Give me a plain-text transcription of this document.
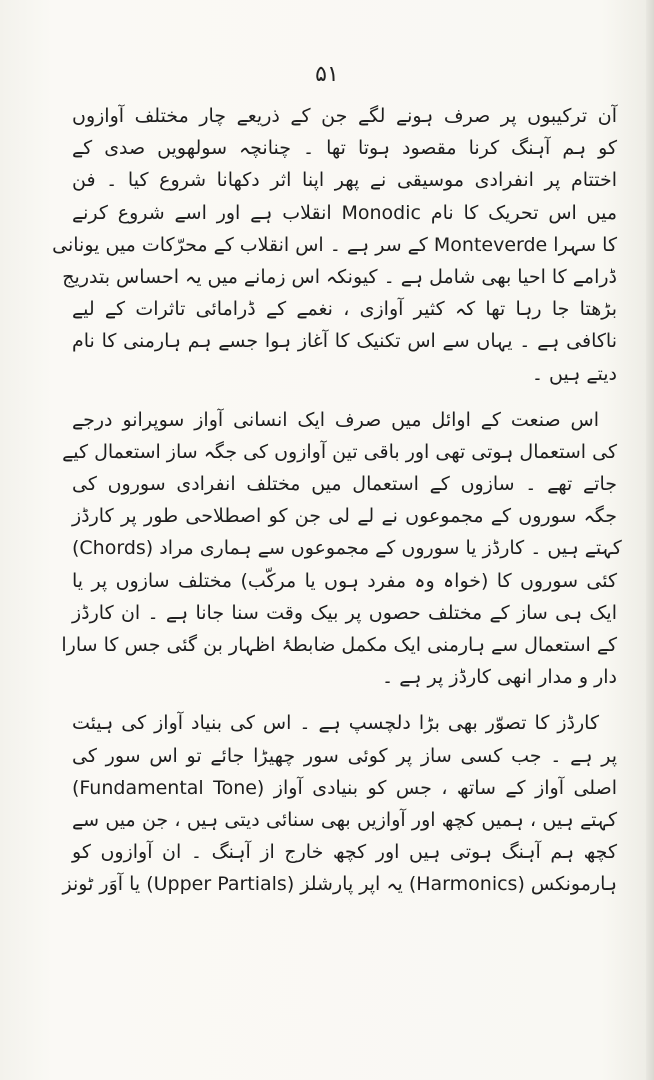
۵۱
آن ترکیبوں پر صرف ہونے لگے جن کے ذریعے چار مختلف آوازوں
کو ہم آہنگ کرنا مقصود ہوتا تھا ۔ چنانچہ سولھویں صدی کے
اختتام پر انفرادی موسیقی نے پھر اپنا اثر دکھانا شروع کیا ۔ فن
میں اس تحریک کا نام Monodic انقلاب ہے اور اسے شروع کرنے
کا سہرا Monteverde کے سر ہے ۔ اس انقلاب کے محرّکات میں یونانی
ڈرامے کا احیا بھی شامل ہے ۔ کیونکہ اس زمانے میں یہ احساس بتدریج
بڑھتا جا رہا تھا کہ کثیر آوازی ، نغمے کے ڈرامائی تاثرات کے لیے
ناکافی ہے ۔ یہاں سے اس تکنیک کا آغاز ہوا جسے ہم ہارمنی کا نام
دیتے ہیں ۔
اس صنعت کے اوائل میں صرف ایک انسانی آواز سوپرانو درجے
کی استعمال ہوتی تھی اور باقی تین آوازوں کی جگہ ساز استعمال کیے
جاتے تھے ۔ سازوں کے استعمال میں مختلف انفرادی سوروں کی
جگہ سوروں کے مجموعوں نے لے لی جن کو اصطلاحی طور پر کارڈز
(Chords) کہتے ہیں ۔ کارڈز یا سوروں کے مجموعوں سے ہماری مراد
کئی سوروں کا (خواہ وہ مفرد ہوں یا مرکّب) مختلف سازوں پر یا
ایک ہی ساز کے مختلف حصوں پر بیک وقت سنا جانا ہے ۔ ان کارڈز
کے استعمال سے ہارمنی ایک مکمل ضابطۂ اظہار بن گئی جس کا سارا
دار و مدار انھی کارڈز پر ہے ۔
کارڈز کا تصوّر بھی بڑا دلچسپ ہے ۔ اس کی بنیاد آواز کی ہیئت
پر ہے ۔ جب کسی ساز پر کوئی سور چھیڑا جائے تو اس سور کی
اصلی آواز کے ساتھ ، جس کو بنیادی آواز (Fundamental Tone)
کہتے ہیں ، ہمیں کچھ اور آوازیں بھی سنائی دیتی ہیں ، جن میں سے
کچھ ہم آہنگ ہوتی ہیں اور کچھ خارج از آہنگ ۔ ان آوازوں کو
ہارمونکس (Harmonics) یہ اپر پارشلز (Upper Partials) یا آوَر ٹونز
